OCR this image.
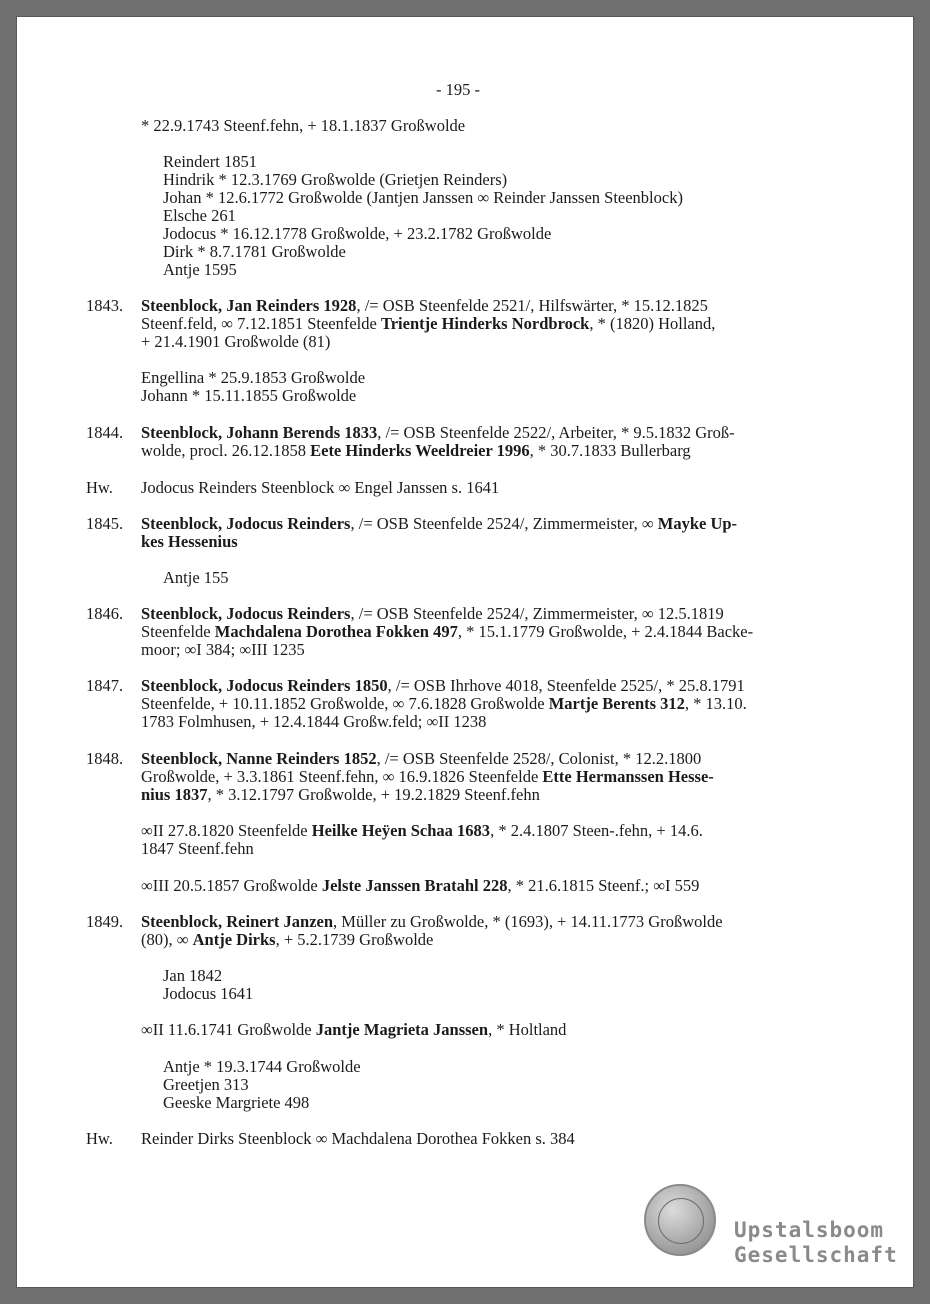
- 195 -
* 22.9.1743 Steenf.fehn, + 18.1.1837 Großwolde
Reindert 1851
Hindrik * 12.3.1769 Großwolde (Grietjen Reinders)
Johan * 12.6.1772 Großwolde (Jantjen Janssen ∞ Reinder Janssen Steenblock)
Elsche 261
Jodocus * 16.12.1778 Großwolde, + 23.2.1782 Großwolde
Dirk * 8.7.1781 Großwolde
Antje 1595
1843. Steenblock, Jan Reinders 1928, /= OSB Steenfelde 2521/, Hilfswärter, * 15.12.1825
Steenf.feld, ∞ 7.12.1851 Steenfelde Trientje Hinderks Nordbrock, * (1820) Holland,
+ 21.4.1901 Großwolde (81)
Engellina * 25.9.1853 Großwolde
Johann * 15.11.1855 Großwolde
1844. Steenblock, Johann Berends 1833, /= OSB Steenfelde 2522/, Arbeiter, * 9.5.1832 Groß-
wolde, procl. 26.12.1858 Eete Hinderks Weeldreier 1996, * 30.7.1833 Bullerbarg
Hw. Jodocus Reinders Steenblock ∞ Engel Janssen s. 1641
1845. Steenblock, Jodocus Reinders, /= OSB Steenfelde 2524/, Zimmermeister, ∞ Mayke Up-
kes Hessenius
Antje 155
1846. Steenblock, Jodocus Reinders, /= OSB Steenfelde 2524/, Zimmermeister, ∞ 12.5.1819
Steenfelde Machdalena Dorothea Fokken 497, * 15.1.1779 Großwolde, + 2.4.1844 Backe-
moor; ∞I 384; ∞III 1235
1847. Steenblock, Jodocus Reinders 1850, /= OSB Ihrhove 4018, Steenfelde 2525/, * 25.8.1791
Steenfelde, + 10.11.1852 Großwolde, ∞ 7.6.1828 Großwolde Martje Berents 312, * 13.10.
1783 Folmhusen, + 12.4.1844 Großw.feld; ∞II 1238
1848. Steenblock, Nanne Reinders 1852, /= OSB Steenfelde 2528/, Colonist, * 12.2.1800
Großwolde, + 3.3.1861 Steenf.fehn, ∞ 16.9.1826 Steenfelde Ette Hermanssen Hesse-
nius 1837, * 3.12.1797 Großwolde, + 19.2.1829 Steenf.fehn
∞II 27.8.1820 Steenfelde Heilke Heÿen Schaa 1683, * 2.4.1807 Steen-.fehn, + 14.6.
1847 Steenf.fehn
∞III 20.5.1857 Großwolde Jelste Janssen Bratahl 228, * 21.6.1815 Steenf.; ∞I 559
1849. Steenblock, Reinert Janzen, Müller zu Großwolde, * (1693), + 14.11.1773 Großwolde
(80), ∞ Antje Dirks, + 5.2.1739 Großwolde
Jan 1842
Jodocus 1641
∞II 11.6.1741 Großwolde Jantje Magrieta Janssen, * Holtland
Antje * 19.3.1744 Großwolde
Greetjen 313
Geeske Margriete 498
Hw. Reinder Dirks Steenblock ∞ Machdalena Dorothea Fokken s. 384
Upstalsboom
Gesellschaft
